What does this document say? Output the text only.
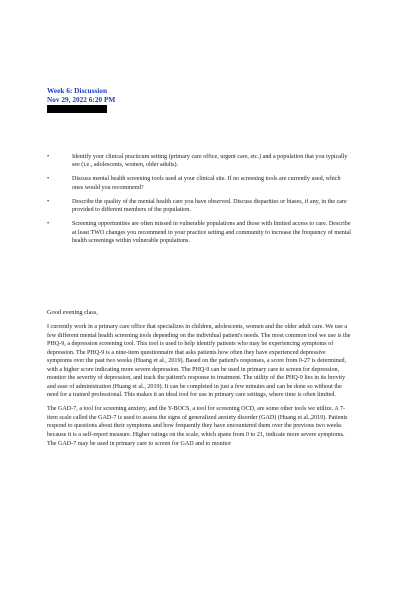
Week 6: Discussion

Nov 29, 2022 6:20 PM

•	Identify your clinical practicum setting (primary care office, urgent care, etc.) and a population that you typically see (i.e., adolescents, women, older adults).
•	Discuss mental health screening tools used at your clinical site. If no screening tools are currently used, which ones would you recommend?
•	Describe the quality of the mental health care you have observed. Discuss disparities or biases, if any, in the care provided to different members of the population.
•	Screening opportunities are often missed in vulnerable populations and those with limited access to care. Describe at least TWO changes you recommend in your practice setting and community to increase the frequency of mental health screenings within vulnerable populations.

Good evening class,

I currently work in a primary care office that specializes in children, adolescents, women and the older adult care. We use a few different mental health screening tools depending on the individual patient's needs. The most common tool we use is the PHQ-9, a depression screening tool. This tool is used to help identify patients who may be experiencing symptoms of depression. The PHQ-9 is a nine-item questionnaire that asks patients how often they have experienced depressive symptoms over the past two weeks (Huang et al., 2019). Based on the patient's responses, a score from 0-27 is determined, with a higher score indicating more severe depression. The PHQ-9 can be used in primary care to screen for depression, monitor the severity of depression, and track the patient's response to treatment. The utility of the PHQ-9 lies in its brevity and ease of administration (Huang et al., 2019). It can be completed in just a few minutes and can be done so without the need for a trained professional. This makes it an ideal tool for use in primary care settings, where time is often limited.

The GAD-7, a tool for screening anxiety, and the Y-BOCS, a tool for screening OCD, are some other tools we utilize. A 7-item scale called the GAD-7 is used to assess the signs of generalized anxiety disorder (GAD) (Huang et al.,2019). Patients respond to questions about their symptoms and how frequently they have encountered them over the previous two weeks because it is a self-report measure. Higher ratings on the scale, which spans from 0 to 21, indicate more severe symptoms. The GAD-7 may be used in primary care to screen for GAD and to monitor
